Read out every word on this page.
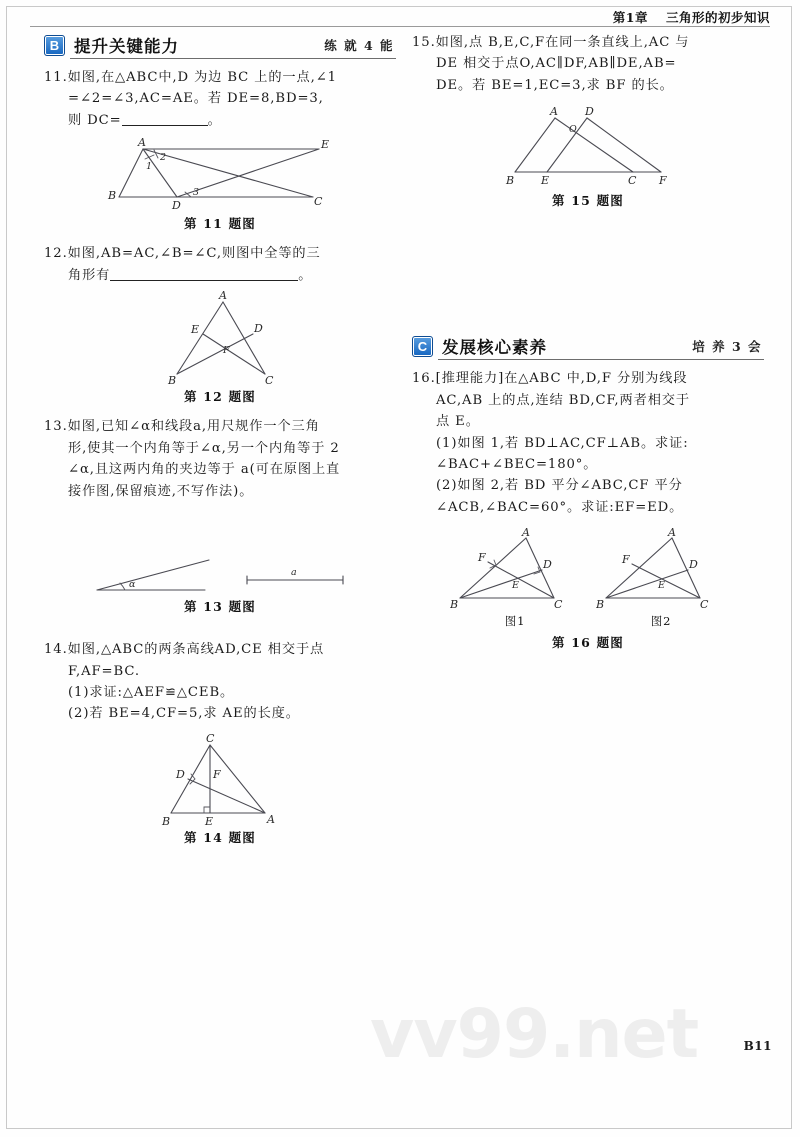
第1章 三角形的初步知识
B 提升关键能力	练 就 4 能
11.如图,在△ABC中,D 为边 BC 上的一点,∠1
=∠2=∠3,AC=AE。若 DE=8,BD=3,
则 DC=	。
A	E
B
D	C
1
2
3
第 11 题图
12.如图,AB=AC,∠B=∠C,则图中全等的三
角形有	。
A
E	D
F
B	C
第 12 题图
13.如图,已知∠α和线段a,用尺规作一个三角
形,使其一个内角等于∠α,另一个内角等于 2
∠α,且这两内角的夹边等于 a(可在原图上直
接作图,保留痕迹,不写作法)。
α
a
第 13 题图
14.如图,△ABC的两条高线AD,CE 相交于点
F,AF=BC.
(1)求证:△AEF≌△CEB。
(2)若 BE=4,CF=5,求 AE的长度。
C
D F
B	E	A
第 14 题图
15.如图,点 B,E,C,F在同一条直线上,AC 与
DE 相交于点O,AC∥DF,AB∥DE,AB=
DE。若 BE=1,EC=3,求 BF 的长。
A D
O
B E	C F
第 15 题图
C 发展核心素养	培 养 3 会
16.[推理能力]在△ABC 中,D,F 分别为线段
AC,AB 上的点,连结 BD,CF,两者相交于
点 E。
(1)如图 1,若 BD⊥AC,CF⊥AB。求证:
∠BAC+∠BEC=180°。
(2)如图 2,若 BD 平分∠ABC,CF 平分
∠ACB,∠BAC=60°。求证:EF=ED。
A
F
D
E
B	C
图1
A
F	D
E
B	C
图2
第 16 题图
vv99.net	B11
